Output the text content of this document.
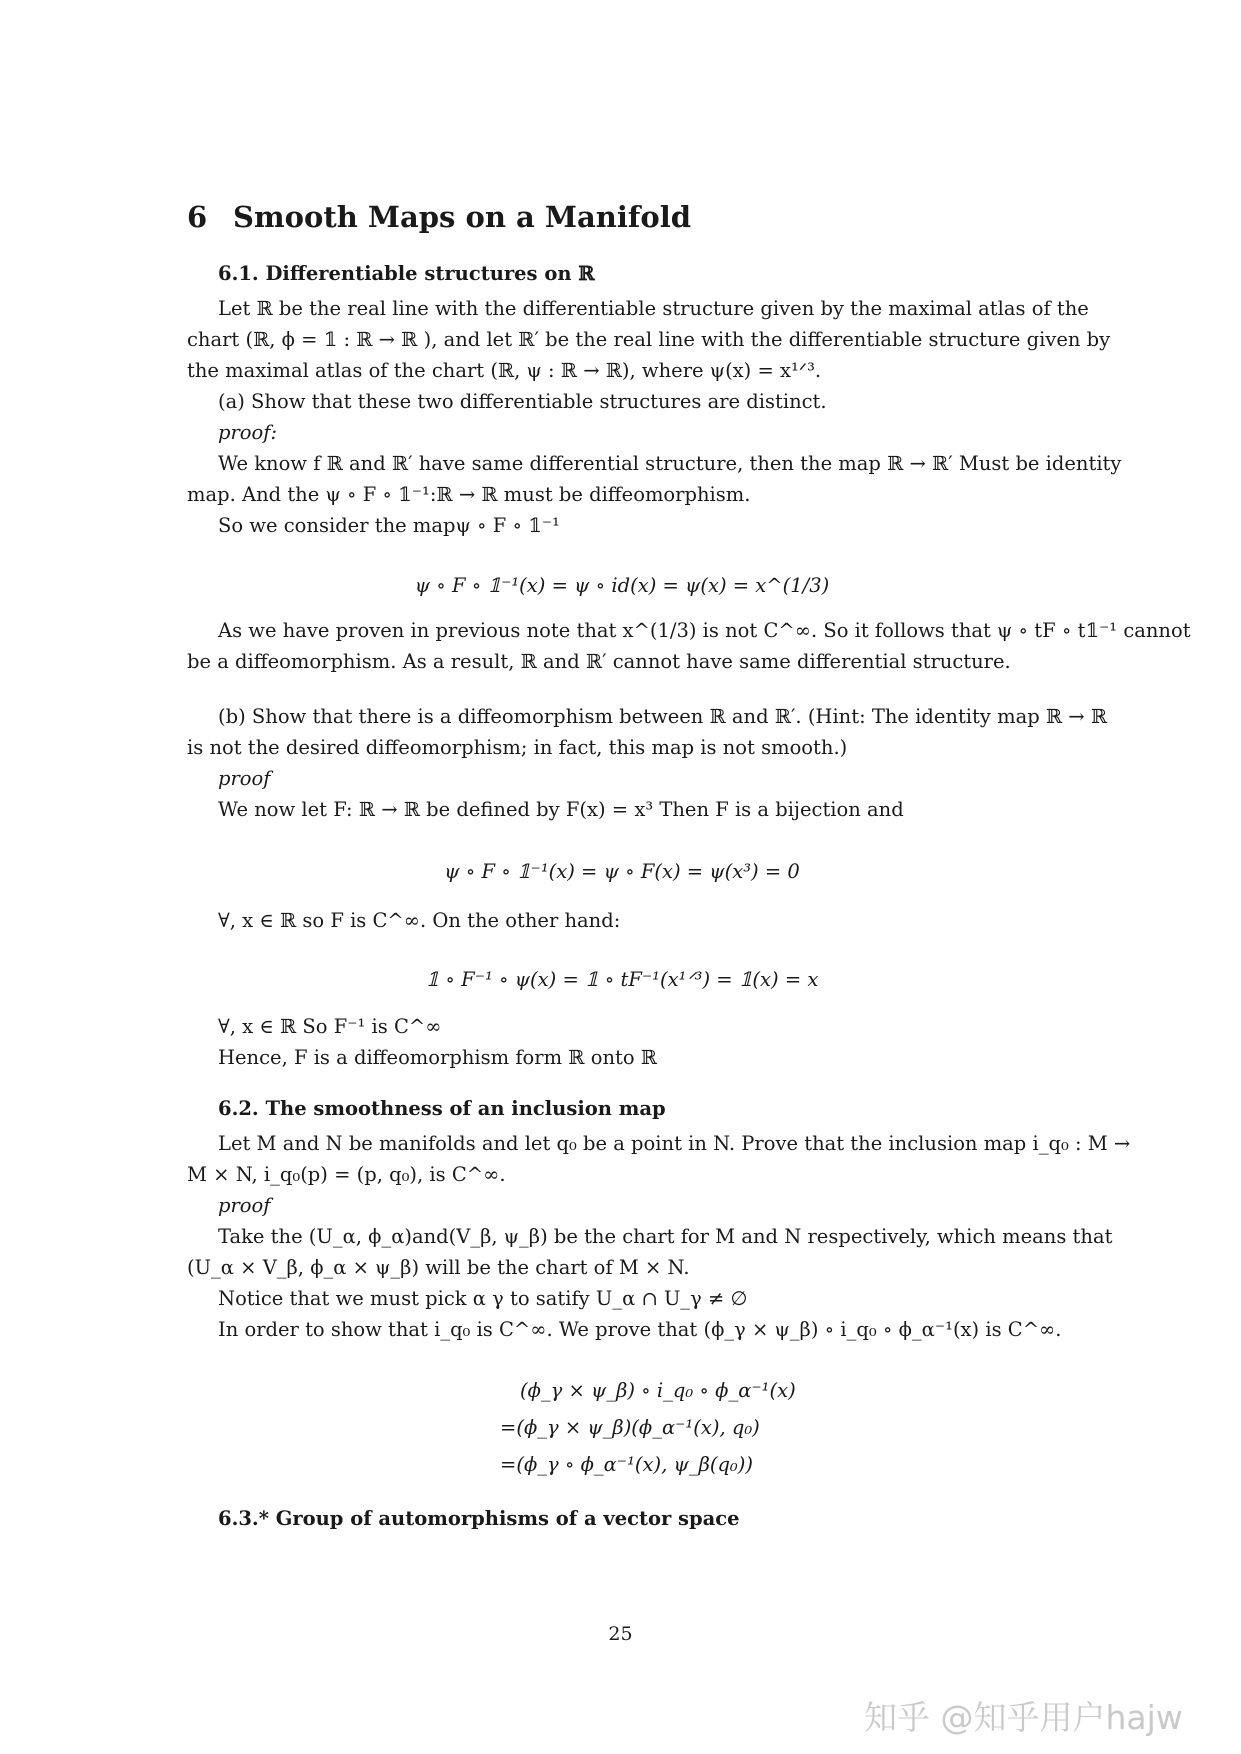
6 Smooth Maps on a Manifold
6.1. Differentiable structures on ℝ
Let ℝ be the real line with the differentiable structure given by the maximal atlas of the
chart (ℝ, ϕ = 𝟙 : ℝ → ℝ ), and let ℝ′ be the real line with the differentiable structure given by
the maximal atlas of the chart (ℝ, ψ : ℝ → ℝ), where ψ(x) = x¹ᐟ³.
(a) Show that these two differentiable structures are distinct.
proof:
We know f ℝ and ℝ′ have same differential structure, then the map ℝ → ℝ′ Must be identity
map. And the ψ ∘ F ∘ 𝟙⁻¹:ℝ → ℝ must be diffeomorphism.
So we consider the mapψ ∘ F ∘ 𝟙⁻¹
ψ ∘ F ∘ 𝟙⁻¹(x) = ψ ∘ id(x) = ψ(x) = x^(1/3)
As we have proven in previous note that x^(1/3) is not C^∞. So it follows that ψ ∘ tF ∘ t𝟙⁻¹ cannot
be a diffeomorphism. As a result, ℝ and ℝ′ cannot have same differential structure.
(b) Show that there is a diffeomorphism between ℝ and ℝ′. (Hint: The identity map ℝ → ℝ
is not the desired diffeomorphism; in fact, this map is not smooth.)
proof
We now let F: ℝ → ℝ be defined by F(x) = x³ Then F is a bijection and
ψ ∘ F ∘ 𝟙⁻¹(x) = ψ ∘ F(x) = ψ(x³) = 0
∀, x ∈ ℝ so F is C^∞. On the other hand:
𝟙 ∘ F⁻¹ ∘ ψ(x) = 𝟙 ∘ tF⁻¹(x¹ᐟ³) = 𝟙(x) = x
∀, x ∈ ℝ So F⁻¹ is C^∞
Hence, F is a diffeomorphism form ℝ onto ℝ
6.2. The smoothness of an inclusion map
Let M and N be manifolds and let q₀ be a point in N. Prove that the inclusion map i_q₀ : M →
M × N, i_q₀(p) = (p, q₀), is C^∞.
proof
Take the (U_α, ϕ_α)and(V_β, ψ_β) be the chart for M and N respectively, which means that
(U_α × V_β, ϕ_α × ψ_β) will be the chart of M × N.
Notice that we must pick α γ to satify U_α ∩ U_γ ≠ ∅
In order to show that i_q₀ is C^∞. We prove that (ϕ_γ × ψ_β) ∘ i_q₀ ∘ ϕ_α⁻¹(x) is C^∞.
(ϕ_γ × ψ_β) ∘ i_q₀ ∘ ϕ_α⁻¹(x)
=(ϕ_γ × ψ_β)(ϕ_α⁻¹(x), q₀)
=(ϕ_γ ∘ ϕ_α⁻¹(x), ψ_β(q₀))
6.3.* Group of automorphisms of a vector space
25
知乎 @知乎用户hajw
